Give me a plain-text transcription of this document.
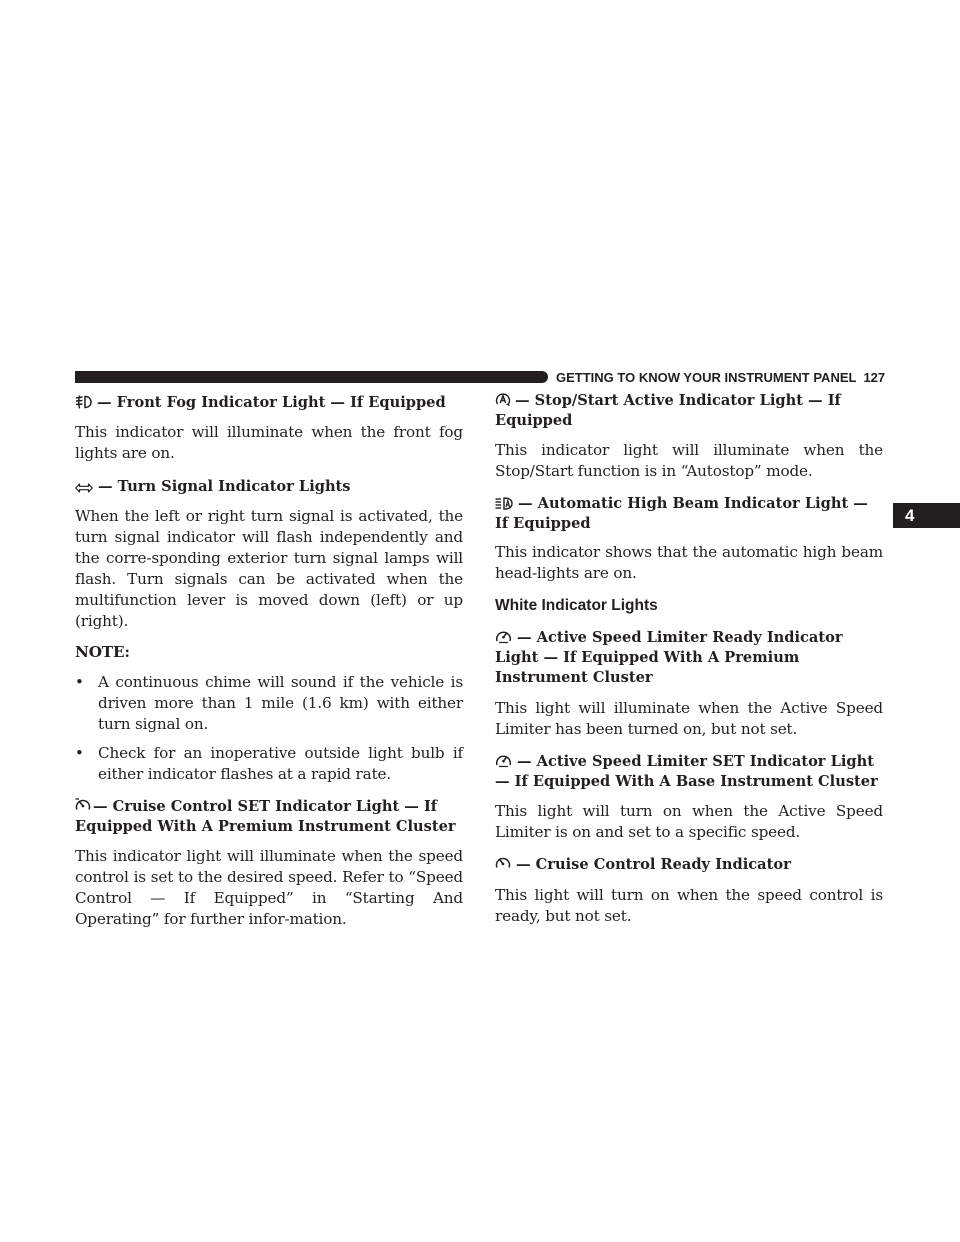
GETTING TO KNOW YOUR INSTRUMENT PANEL 127
4
— Front Fog Indicator Light — If Equipped

This indicator will illuminate when the front fog lights are on.

— Turn Signal Indicator Lights

When the left or right turn signal is activated, the turn signal indicator will flash independently and the corre-sponding exterior turn signal lamps will flash. Turn signals can be activated when the multifunction lever is moved down (left) or up (right).

NOTE:

• A continuous chime will sound if the vehicle is driven more than 1 mile (1.6 km) with either turn signal on.
• Check for an inoperative outside light bulb if either indicator flashes at a rapid rate.
— Cruise Control SET Indicator Light — If Equipped With A Premium Instrument Cluster

This indicator light will illuminate when the speed control is set to the desired speed. Refer to “Speed Control — If Equipped” in “Starting And Operating” for further infor-mation.

— Stop/Start Active Indicator Light — If Equipped

This indicator light will illuminate when the Stop/Start function is in “Autostop” mode.

— Automatic High Beam Indicator Light — If Equipped

This indicator shows that the automatic high beam head-lights are on.

White Indicator Lights
— Active Speed Limiter Ready Indicator Light — If Equipped With A Premium Instrument Cluster

This light will illuminate when the Active Speed Limiter has been turned on, but not set.

— Active Speed Limiter SET Indicator Light — If Equipped With A Base Instrument Cluster

This light will turn on when the Active Speed Limiter is on and set to a specific speed.

— Cruise Control Ready Indicator

This light will turn on when the speed control is ready, but not set.
